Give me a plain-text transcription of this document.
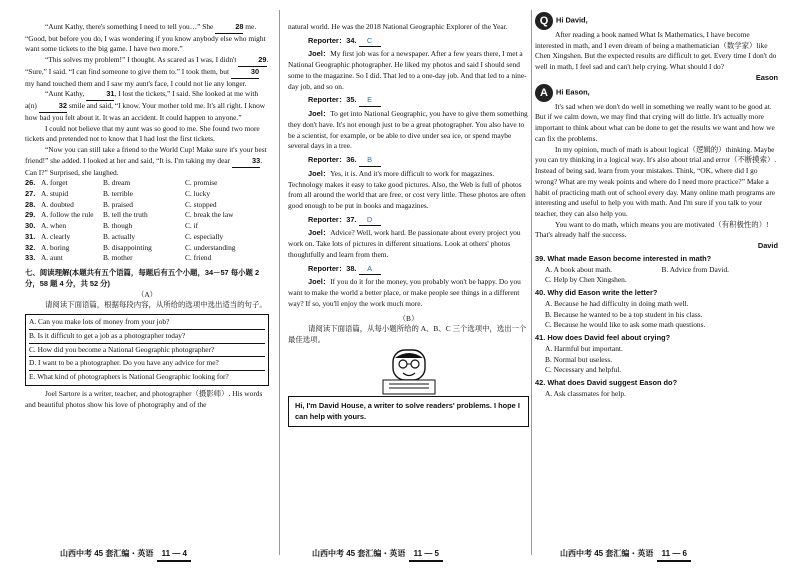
“Aunt Kathy, there's something I need to tell you…” She	28 me. “Good, but before you do, I was wondering if you know anybody else who might want some tickets to the big game. I have two more.”

“This solves my problem!” I thought. As scared as I was, I didn't	29. “Sure,” I said. “I can find someone to give them to.” I took them, but	30 my hand touched them and I saw my aunt's face, I could not lie any longer.

“Aunt Kathy,	31, I lost the tickets,” I said. She looked at me with a(n)	32 smile and said, “I know. Your mother told me. It's all right. I know how bad you felt about it. It was an accident. It could happen to anyone.”

I could not believe that my aunt was so good to me. She found two more tickets and pretended not to know that I had lost the first tickets.

“Now you can still take a friend to the World Cup! Make sure it's your best friend!” she added. I looked at her and said, “It is. I'm taking my dear	33. Can I?” Surprised, she laughed.

26. A. forget	B. dream	C. promise
27. A. stupid	B. terrible	C. lucky
28. A. doubted	B. praised	C. stopped
29. A. follow the rule	B. tell the truth	C. break the law
30. A. when	B. though	C. if
31. A. clearly	B. actually	C. especially
32. A. boring	B. disappointing	C. understanding
33. A. aunt	B. mother	C. friend

七、阅读理解(本题共有五个语篇，每题后有五个小题，34－57 每小题 2 分，58 题 4 分，共 52 分)

（A）

请阅读下面语篇，根据每段内容，从所给的选项中选出适当的句子。

A. Can you make lots of money from your job?
B. Is it difficult to get a job as a photographer today?
C. How did you become a National Geographic photographer?
D. I want to be a photographer. Do you have any advice for me?
E. What kind of photographers is National Geographic looking for?

Joel Sartore is a writer, teacher, and photographer（摄影师）. His words and beautiful photos show his love of photography and of the

natural world. He was the 2018 National Geographic Explorer of the Year.

Reporter：34. C

Joel：My first job was for a newspaper. After a few years there, I met a National Geographic photographer. He liked my photos and said I should send some to the magazine. So I did. That led to a one-day job. And that led to a nine-day job, and so on.

Reporter：35. E

Joel：To get into National Geographic, you have to give them something they don't have. It's not enough just to be a great photographer. You also have to be a scientist, for example, or be able to dive under sea ice, or spend maybe several days in a tree.

Reporter：36. B

Joel：Yes, it is. And it's more difficult to work for magazines. Technology makes it easy to take good pictures. Also, the Web is full of photos from all around the world that are free, or cost very little. These photos are often good enough to be put in books and magazines.

Reporter：37. D

Joel：Advice? Well, work hard. Be passionate about every project you work on. Take lots of pictures in different situations. Look at others' photos thoughtfully and learn from them.

Reporter：38. A

Joel：If you do it for the money, you probably won't be happy. Do you want to make the world a better place, or make people see things in a different way? If so, you'll enjoy the work much more.

（B）

请阅读下面语篇，从每小题所给的 A、B、C 三个选项中，选出一个最佳选项。

Hi, I'm David House, a writer to solve readers' problems. I hope I can help with yours.

Q Hi David,

After reading a book named What Is Mathematics, I have become interested in math, and I even dream of being a mathematician（数学家）like Chen Xingshen. But the expected results are difficult to get. Every time I don't do well in math, I feel sad and can't help crying. What should I do?

Eason

A Hi Eason,

It's sad when we don't do well in something we really want to be good at. But if we calm down, we may find that crying will do little. It's actually more important to think about what can be done to get the results we want and how we can fix the problems.

In my opinion, much of math is about logical（逻辑的）thinking. Maybe you can try thinking in a logical way. It's also about trial and error（不断摸索）. Instead of being sad, learn from your mistakes. Think, “OK, where did I go wrong? What are my weak points and where do I need more practice?” Make a habit of practicing math out of school every day. Many online math programs are interesting and useful to help you with math. And I'm sure if you talk to your teacher, they can also help you.

You want to do math, which means you are motivated（有积极性的）! That's already half the success.

David

39. What made Eason become interested in math?

A. A book about math.	B. Advice from David.

C. Help by Chen Xingshen.

40. Why did Eason write the letter?

A. Because he had difficulty in doing math well.

B. Because he wanted to be a top student in his class.

C. Because he would like to ask some math questions.

41. How does David feel about crying?

A. Harmful but important.

B. Normal but useless.

C. Necessary and helpful.

42. What does David suggest Eason do?

A. Ask classmates for help.

山西中考 45 套汇编・英语 11 — 4	山西中考 45 套汇编・英语 11 — 5	山西中考 45 套汇编・英语 11 — 6
